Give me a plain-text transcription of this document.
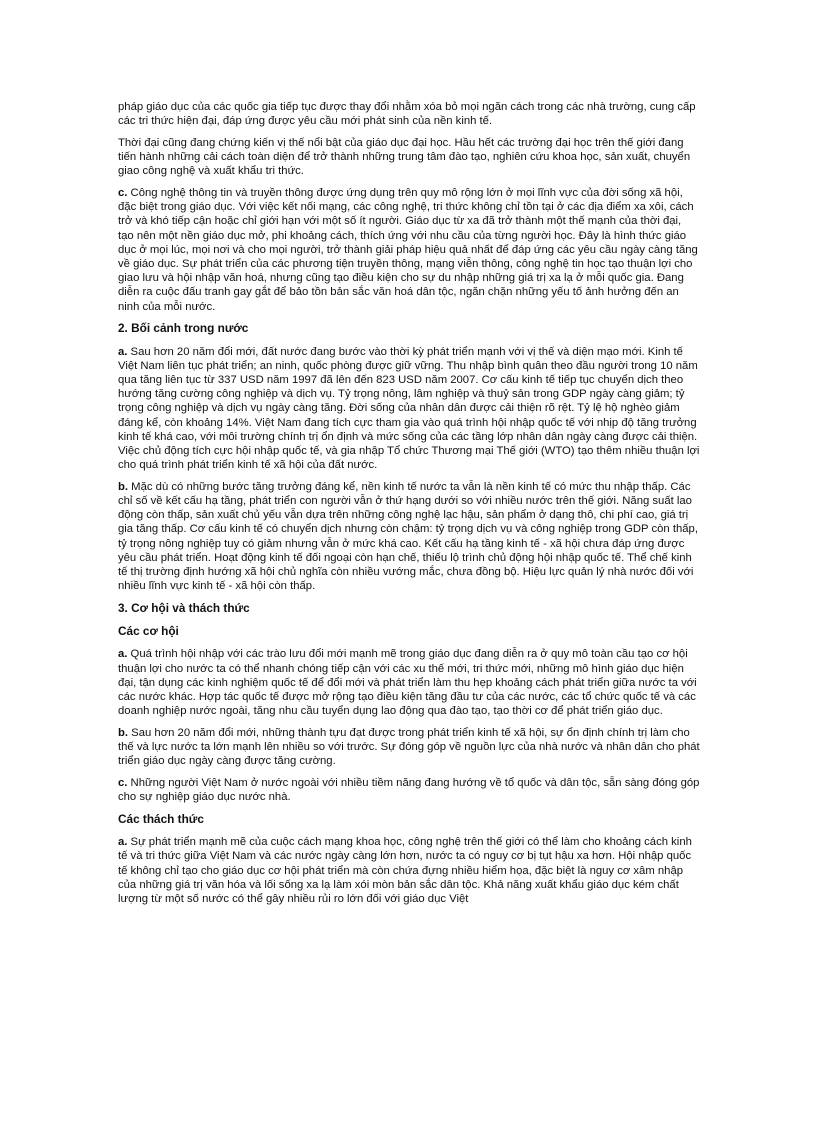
pháp giáo dục của các quốc gia tiếp tục được thay đổi nhằm xóa bỏ mọi ngăn cách trong các nhà trường, cung cấp các tri thức hiện đại, đáp ứng được yêu cầu mới phát sinh của nền kinh tế.

Thời đại cũng đang chứng kiến vị thế nổi bật của giáo dục đại học. Hầu hết các trường đại học trên thế giới đang tiến hành những cải cách toàn diện để trở thành những trung tâm đào tạo, nghiên cứu khoa học, sản xuất, chuyển giao công nghệ và xuất khẩu tri thức.

c. Công nghệ thông tin và truyền thông được ứng dụng trên quy mô rộng lớn ở mọi lĩnh vực của đời sống xã hội, đặc biệt trong giáo dục. Với việc kết nối mạng, các công nghệ, tri thức không chỉ tồn tại ở các địa điểm xa xôi, cách trở và khó tiếp cận hoặc chỉ giới hạn với một số ít người. Giáo dục từ xa đã trở thành một thế mạnh của thời đại, tạo nên một nền giáo dục mở, phi khoảng cách, thích ứng với nhu cầu của từng người học. Đây là hình thức giáo dục ở mọi lúc, mọi nơi và cho mọi người, trở thành giải pháp hiệu quả nhất để đáp ứng các yêu cầu ngày càng tăng về giáo dục. Sự phát triển của các phương tiện truyền thông, mạng viễn thông, công nghệ tin học tạo thuận lợi cho giao lưu và hội nhập văn hoá, nhưng cũng tạo điều kiện cho sự du nhập những giá trị xa lạ ở mỗi quốc gia. Đang diễn ra cuộc đấu tranh gay gắt để bảo tồn bản sắc văn hoá dân tộc, ngăn chặn những yếu tố ảnh hưởng đến an ninh của mỗi nước.

2. Bối cảnh trong nước

a. Sau hơn 20 năm đổi mới, đất nước đang bước vào thời kỳ phát triển mạnh với vị thế và diện mạo mới. Kinh tế Việt Nam liên tục phát triển; an ninh, quốc phòng được giữ vững. Thu nhập bình quân theo đầu người trong 10 năm qua tăng liên tục từ 337 USD năm 1997 đã lên đến 823 USD năm 2007. Cơ cấu kinh tế tiếp tục chuyển dịch theo hướng tăng cường công nghiệp và dịch vụ. Tỷ trọng nông, lâm nghiệp và thuỷ sản trong GDP ngày càng giảm; tỷ trọng công nghiệp và dịch vụ ngày càng tăng. Đời sống của nhân dân được cải thiện rõ rệt. Tỷ lệ hộ nghèo giảm đáng kể, còn khoảng 14%. Việt Nam đang tích cực tham gia vào quá trình hội nhập quốc tế với nhịp độ tăng trưởng kinh tế khá cao, với môi trường chính trị ổn định và mức sống của các tầng lớp nhân dân ngày càng được cải thiện. Việc chủ động tích cực hội nhập quốc tế, và gia nhập Tổ chức Thương mại Thế giới (WTO) tạo thêm nhiều thuận lợi cho quá trình phát triển kinh tế xã hội của đất nước.

b. Mặc dù có những bước tăng trưởng đáng kể, nền kinh tế nước ta vẫn là nền kinh tế có mức thu nhập thấp. Các chỉ số về kết cấu hạ tầng, phát triển con người vẫn ở thứ hạng dưới so với nhiều nước trên thế giới. Năng suất lao động còn thấp, sản xuất chủ yếu vẫn dựa trên những công nghệ lạc hậu, sản phẩm ở dạng thô, chi phí cao, giá trị gia tăng thấp. Cơ cấu kinh tế có chuyển dịch nhưng còn chậm: tỷ trọng dịch vụ và công nghiệp trong GDP còn thấp, tỷ trọng nông nghiệp tuy có giảm nhưng vẫn ở mức khá cao. Kết cấu hạ tầng kinh tế - xã hội chưa đáp ứng được yêu cầu phát triển. Hoạt động kinh tế đối ngoại còn hạn chế, thiếu lộ trình chủ động hội nhập quốc tế. Thể chế kinh tế thị trường định hướng xã hội chủ nghĩa còn nhiều vướng mắc, chưa đồng bộ. Hiệu lực quản lý nhà nước đối với nhiều lĩnh vực kinh tế - xã hội còn thấp.

3. Cơ hội và thách thức

Các cơ hội

a. Quá trình hội nhập với các trào lưu đổi mới mạnh mẽ trong giáo dục đang diễn ra ở quy mô toàn cầu tạo cơ hội thuận lợi cho nước ta có thể nhanh chóng tiếp cận với các xu thế mới, tri thức mới, những mô hình giáo dục hiện đại, tận dụng các kinh nghiệm quốc tế để đổi mới và phát triển làm thu hẹp khoảng cách phát triển giữa nước ta với các nước khác. Hợp tác quốc tế được mở rộng tạo điều kiện tăng đầu tư của các nước, các tổ chức quốc tế và các doanh nghiệp nước ngoài, tăng nhu cầu tuyển dụng lao động qua đào tạo, tạo thời cơ để phát triển giáo dục.

b. Sau hơn 20 năm đổi mới, những thành tựu đạt được trong phát triển kinh tế xã hội, sự ổn định chính trị làm cho thế và lực nước ta lớn mạnh lên nhiều so với trước. Sự đóng góp về nguồn lực của nhà nước và nhân dân cho phát triển giáo dục ngày càng được tăng cường.

c. Những người Việt Nam ở nước ngoài với nhiều tiềm năng đang hướng về tổ quốc và dân tộc, sẵn sàng đóng góp cho sự nghiệp giáo dục nước nhà.

Các thách thức

a. Sự phát triển mạnh mẽ của cuộc cách mạng khoa học, công nghệ trên thế giới có thể làm cho khoảng cách kinh tế và tri thức giữa Việt Nam và các nước ngày càng lớn hơn, nước ta có nguy cơ bị tụt hậu xa hơn. Hội nhập quốc tế không chỉ tạo cho giáo dục cơ hội phát triển mà còn chứa đựng nhiều hiểm họa, đặc biệt là nguy cơ xâm nhập của những giá trị văn hóa và lối sống xa lạ làm xói mòn bản sắc dân tộc. Khả năng xuất khẩu giáo dục kém chất lượng từ một số nước có thể gây nhiều rủi ro lớn đối với giáo dục Việt
